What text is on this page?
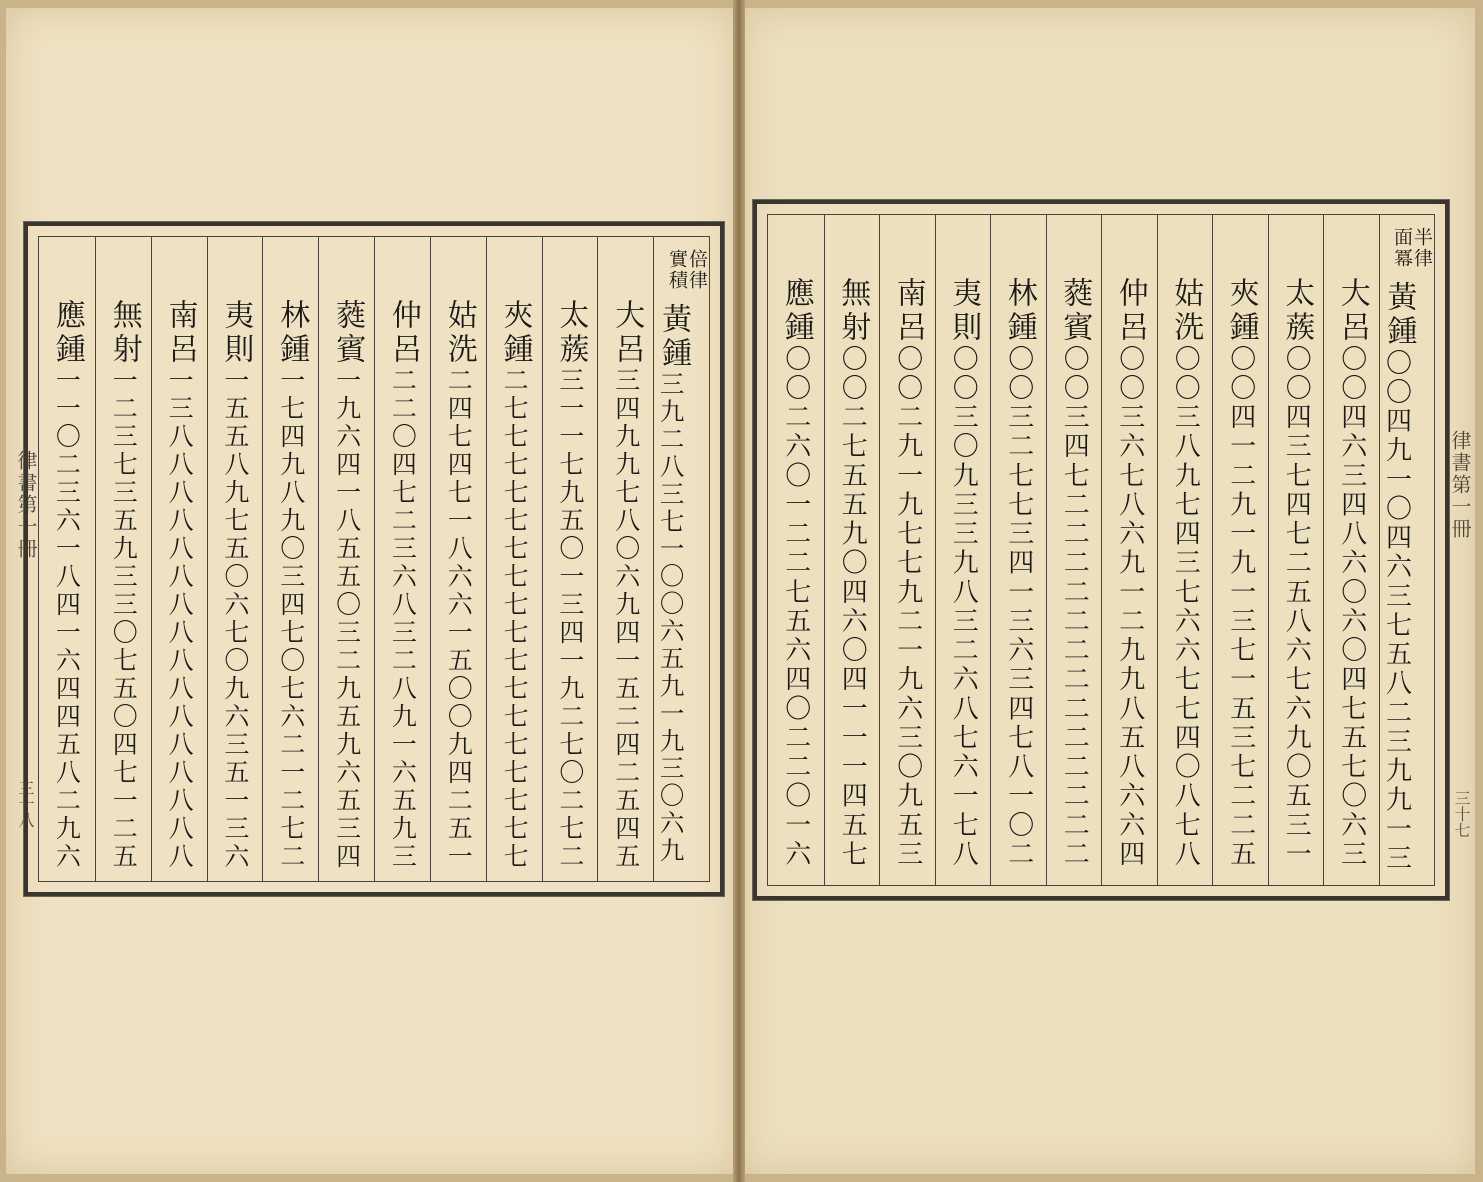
律書第一冊
三十八
律書第一冊
三十七
倍律
實積
黃鍾
三九二八三七一〇〇六五九一九三〇六九
大呂
三四九九七八〇六九四一五二四二五四五
太蔟
三一一七九五〇一三四一九二七〇二七二
夾鍾
二七七七七七七七七七七七七七七七七七
姑洗
二四七四七一八六六一五〇〇九四二五一
仲呂
二二〇四七二三六八三二八九一六五九三
蕤賓
一九六四一八五五〇三二九五九六五三四
林鍾
一七四九八九〇三四七〇七六二一二七二
夷則
一五五八九七五〇六七〇九六三五一三六
南呂
一三八八八八八八八八八八八八八八八八
無射
一二三七三五九三三〇七五〇四七一二五
應鍾
一一〇二三六一八四一六四四五八二九六
半律
面冪
黃鍾
〇〇四九一〇四六三七五八二三九九一三
大呂
〇〇四六三四八六〇六〇四七五七〇六三
太蔟
〇〇四三七四七二五八六七六九〇五三一
夾鍾
〇〇四一二九一九一三七一五三七二二五
姑洗
〇〇三八九七四三七六六七七四〇八七八
仲呂
〇〇三六七八六九一二九九八五八六六四
蕤賓
〇〇三四七二二二二二二二二二二二二二
林鍾
〇〇三二七七三四一三六三四七八一〇二
夷則
〇〇三〇九三三九八三二六八七六一七八
南呂
〇〇二九一九七七九二一九六三〇九五三
無射
〇〇二七五五九〇四六〇四一一一四五七
應鍾
〇〇二六〇一二二七五六四〇二二〇一六
